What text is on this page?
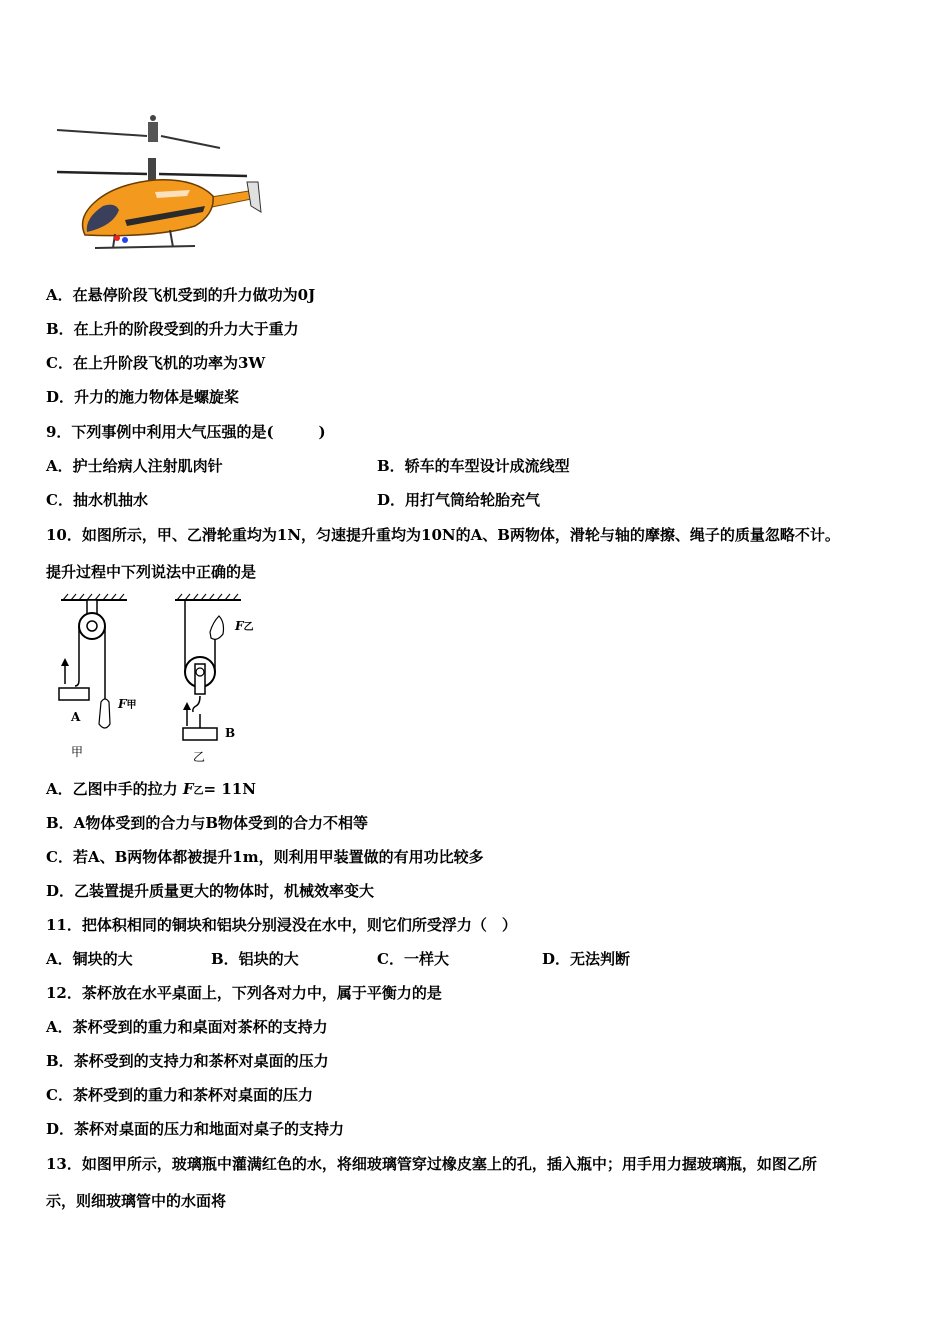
A．在悬停阶段飞机受到的升力做功为0J
B．在上升的阶段受到的升力大于重力
C．在上升阶段飞机的功率为3W
D．升力的施力物体是螺旋桨
9．下列事例中利用大气压强的是(　　　)
A．护士给病人注射肌肉针	B．轿车的车型设计成流线型
C．抽水机抽水	D．用打气筒给轮胎充气
10．如图所示，甲、乙滑轮重均为1N，匀速提升重均为10N的A、B两物体，滑轮与轴的摩擦、绳子的质量忽略不计。
提升过程中下列说法中正确的是
A
甲
F甲
F乙
B
乙
A．乙图中手的拉力 F乙= 11N
B．A物体受到的合力与B物体受到的合力不相等
C．若A、B两物体都被提升1m，则利用甲装置做的有用功比较多
D．乙装置提升质量更大的物体时，机械效率变大
11．把体积相同的铜块和铝块分别浸没在水中，则它们所受浮力（　）
A．铜块的大	B．铝块的大	C．一样大	D．无法判断
12．茶杯放在水平桌面上，下列各对力中，属于平衡力的是
A．茶杯受到的重力和桌面对茶杯的支持力
B．茶杯受到的支持力和茶杯对桌面的压力
C．茶杯受到的重力和茶杯对桌面的压力
D．茶杯对桌面的压力和地面对桌子的支持力
13．如图甲所示，玻璃瓶中灌满红色的水，将细玻璃管穿过橡皮塞上的孔，插入瓶中；用手用力握玻璃瓶，如图乙所
示，则细玻璃管中的水面将
